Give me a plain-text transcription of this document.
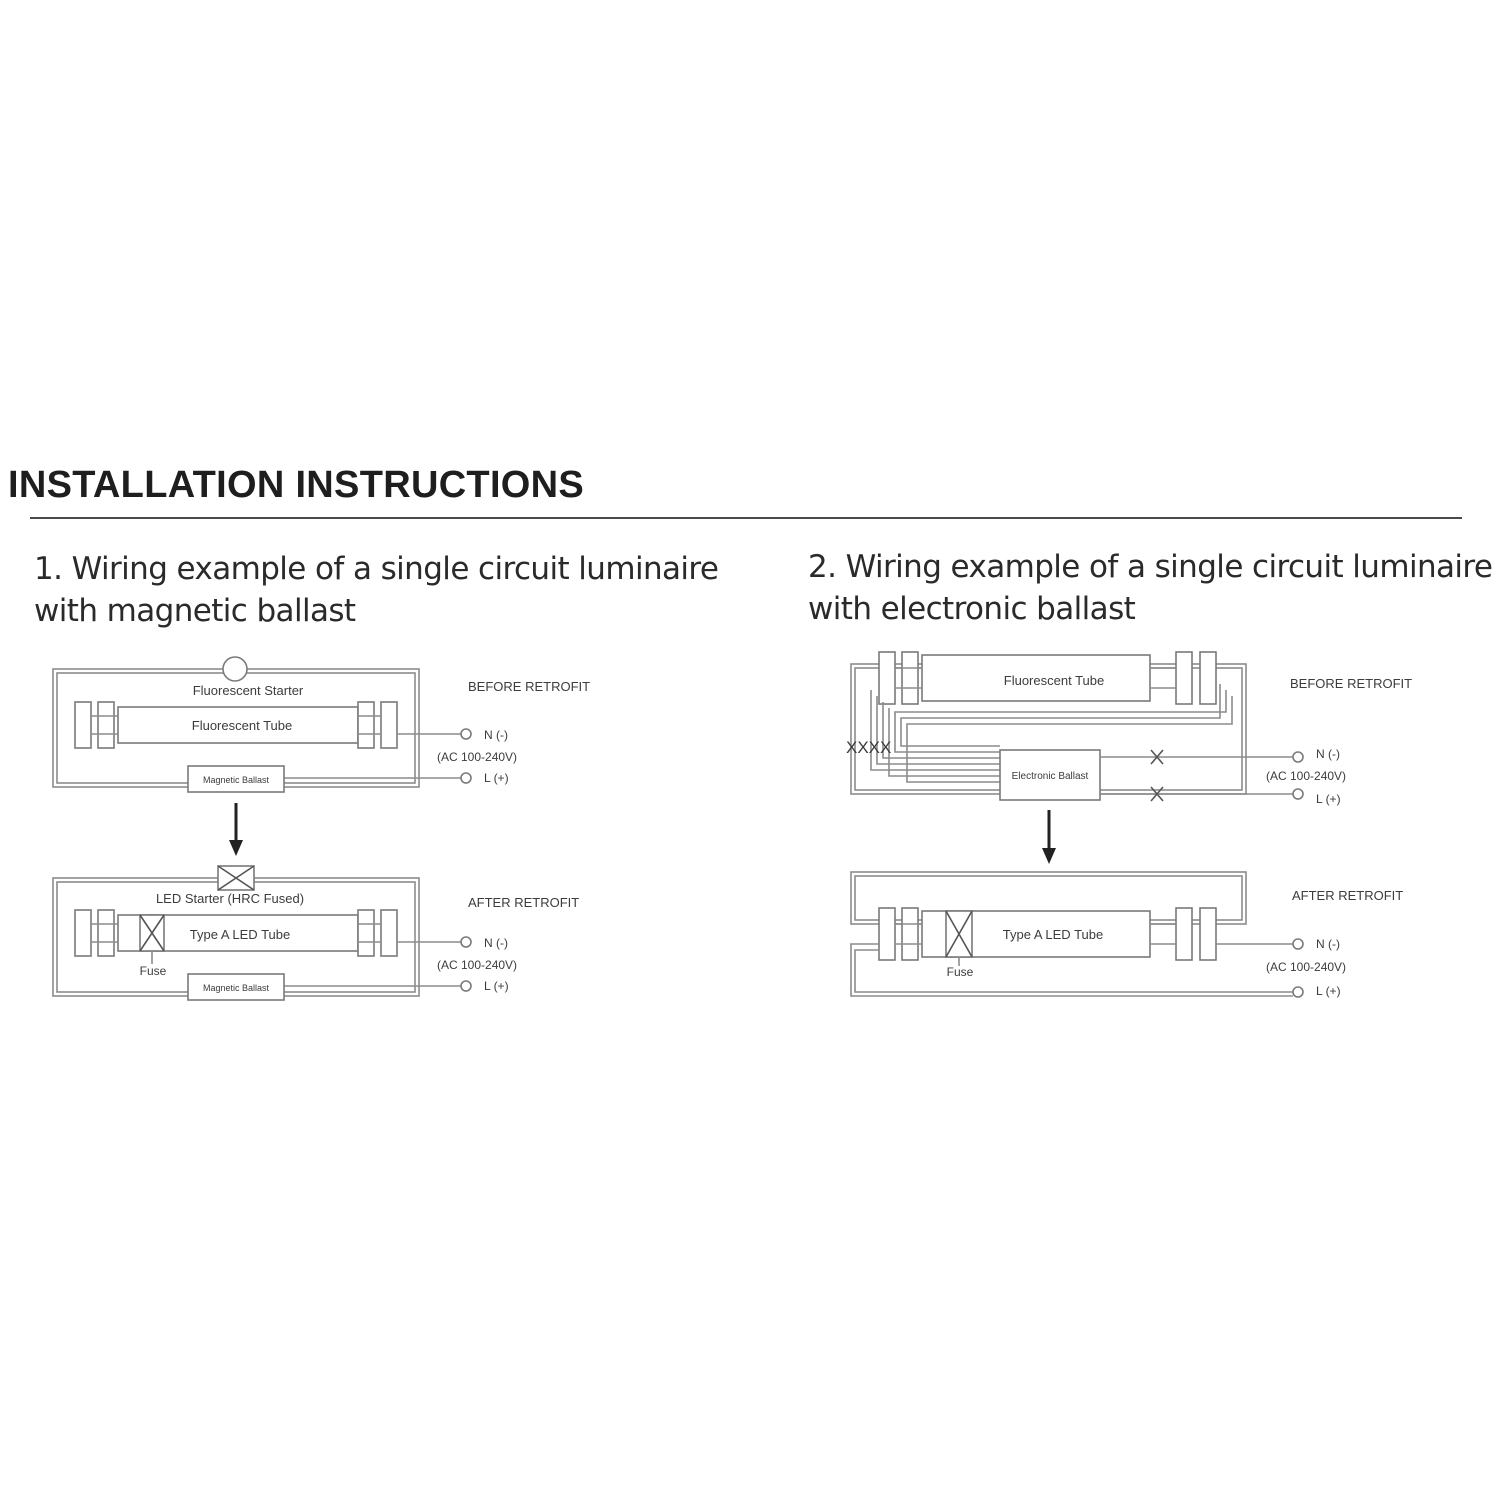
INSTALLATION INSTRUCTIONS
1. Wiring example of a single circuit luminaire with magnetic ballast
2. Wiring example of a single circuit luminaire with electronic ballast
Fluorescent Starter
Fluorescent Tube
N (-)
(AC 100-240V)
L (+)
Magnetic Ballast
BEFORE RETROFIT
LED Starter (HRC Fused)
Fuse
Type A LED Tube
N (-)
(AC 100-240V)
L (+)
Magnetic Ballast
AFTER RETROFIT
Fluorescent Tube
XXXX
Electronic Ballast
N (-)
(AC 100-240V)
L (+)
BEFORE RETROFIT
Fuse
Type A LED Tube
N (-)
(AC 100-240V)
L (+)
AFTER RETROFIT
